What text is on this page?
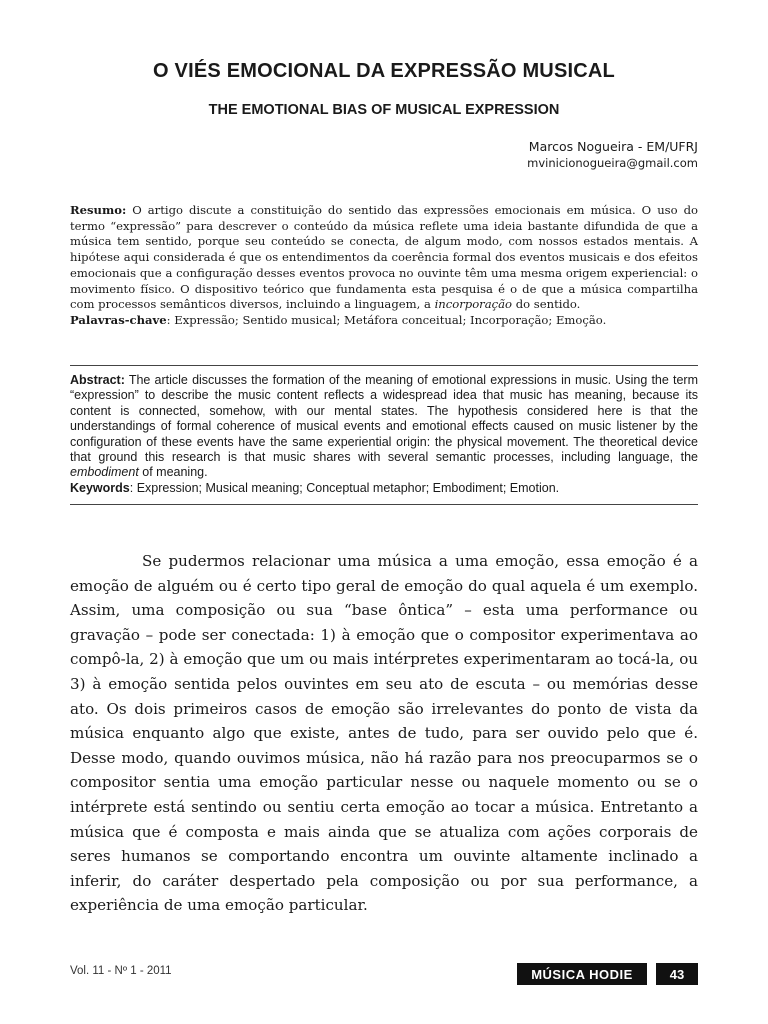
O VIÉS EMOCIONAL DA EXPRESSÃO MUSICAL
THE EMOTIONAL BIAS OF MUSICAL EXPRESSION
Marcos Nogueira - EM/UFRJ
mvinicionogueira@gmail.com

Resumo: O artigo discute a constituição do sentido das expressões emocionais em música. O uso do termo “expressão” para descrever o conteúdo da música reflete uma ideia bastante difundida de que a música tem sentido, porque seu conteúdo se conecta, de algum modo, com nossos estados mentais. A hipótese aqui considerada é que os entendimentos da coerência formal dos eventos musicais e dos efeitos emocionais que a configuração desses eventos provoca no ouvinte têm uma mesma origem experiencial: o movimento físico. O dispositivo teórico que fundamenta esta pesquisa é o de que a música compartilha com processos semânticos diversos, incluindo a linguagem, a incorporação do sentido.

Palavras-chave: Expressão; Sentido musical; Metáfora conceitual; Incorporação; Emoção.

Abstract: The article discusses the formation of the meaning of emotional expressions in music. Using the term “expression” to describe the music content reflects a widespread idea that music has meaning, because its content is connected, somehow, with our mental states. The hypothesis considered here is that the understandings of formal coherence of musical events and emotional effects caused on music listener by the configuration of these events have the same experiential origin: the physical movement. The theoretical device that ground this research is that music shares with several semantic processes, including language, the embodiment of meaning.

Keywords: Expression; Musical meaning; Conceptual metaphor; Embodiment; Emotion.

Se pudermos relacionar uma música a uma emoção, essa emoção é a emoção de alguém ou é certo tipo geral de emoção do qual aquela é um exemplo. Assim, uma composição ou sua “base ôntica” – esta uma performance ou gravação – pode ser conectada: 1) à emoção que o compositor experimentava ao compô-la, 2) à emoção que um ou mais intérpretes experimentaram ao tocá-la, ou 3) à emoção sentida pelos ouvintes em seu ato de escuta – ou memórias desse ato. Os dois primeiros casos de emoção são irrelevantes do ponto de vista da música enquanto algo que existe, antes de tudo, para ser ouvido pelo que é. Desse modo, quando ouvimos música, não há razão para nos preocuparmos se o compositor sentia uma emoção particular nesse ou naquele momento ou se o intérprete está sentindo ou sentiu certa emoção ao tocar a música. Entretanto a música que é composta e mais ainda que se atualiza com ações corporais de seres humanos se comportando encontra um ouvinte altamente inclinado a inferir, do caráter despertado pela composição ou por sua performance, a experiência de uma emoção particular.

Vol. 11 - Nº 1 - 2011	MÚSICA HODIE	43
